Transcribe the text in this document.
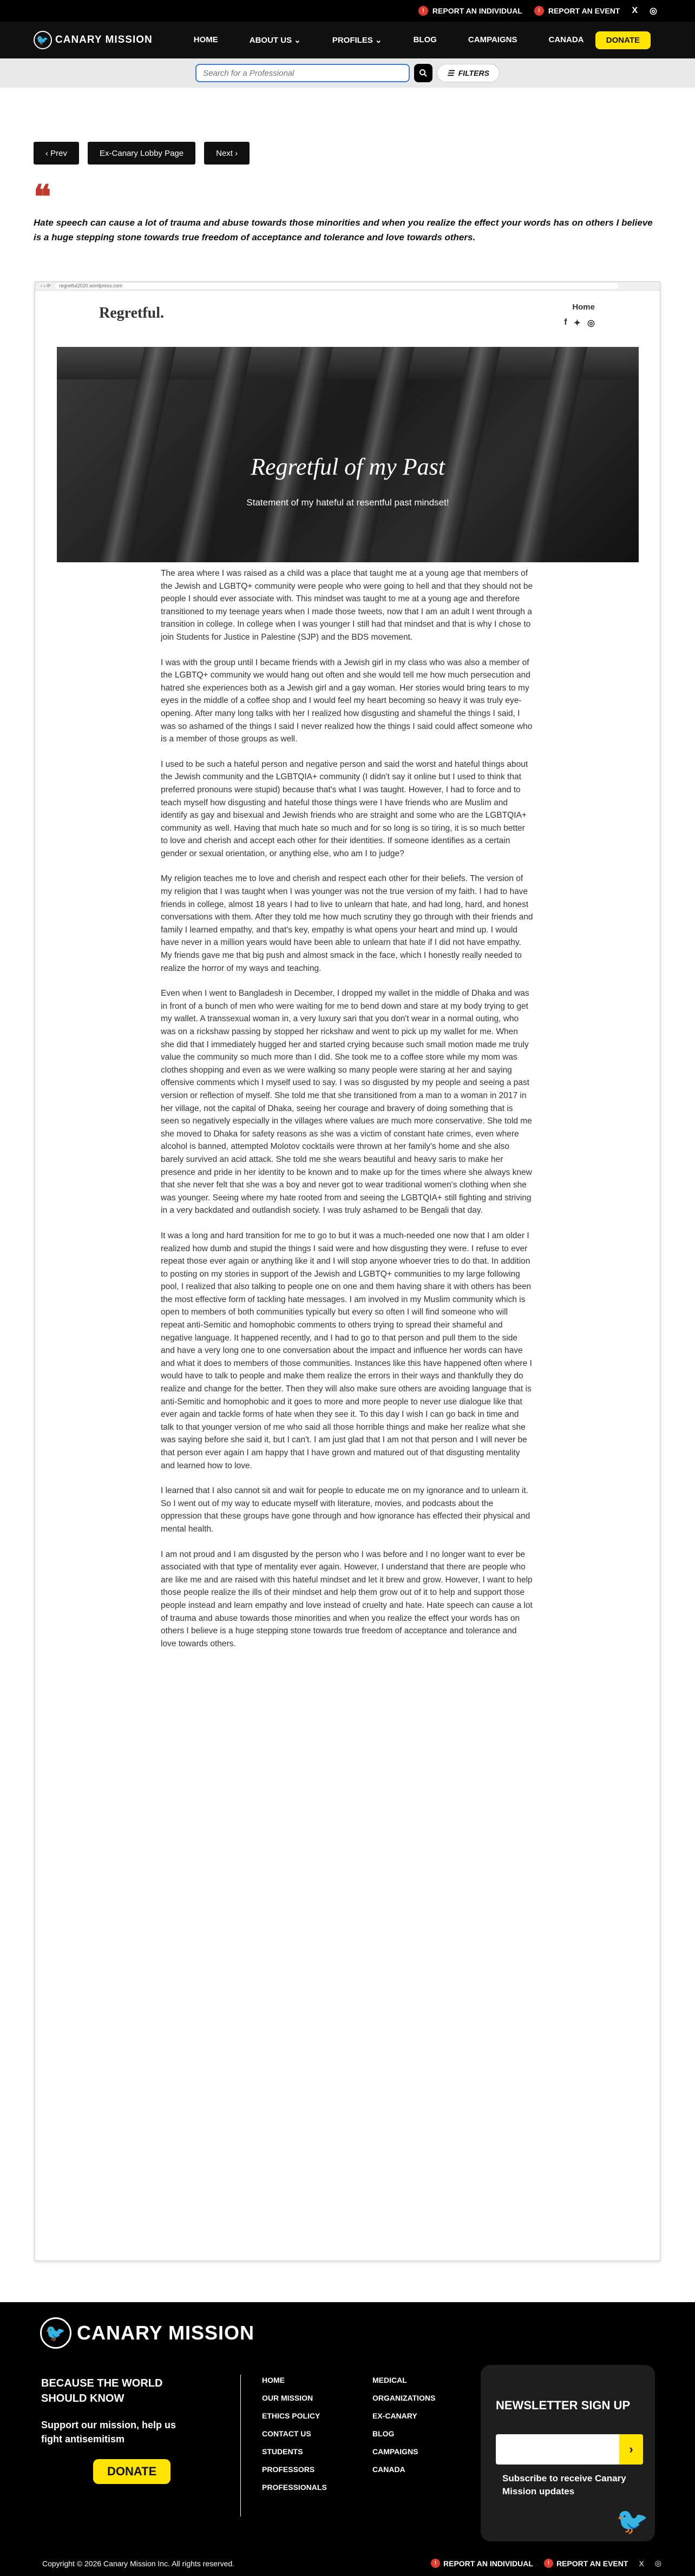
!	REPORT AN INDIVIDUAL	!	REPORT AN EVENT X ◎
🐦 CANARY MISSION	HOME	ABOUT US ⌄	PROFILES ⌄	BLOG	CAMPAIGNS	CANADA	DONATE
Search for a Professional
☰ FILTERS
‹ Prev	Ex-Canary Lobby Page	Next ›
❝
Hate speech can cause a lot of trauma and abuse towards those minorities and when you realize the effect your words has on others I believe is a huge stepping stone towards true freedom of acceptance and tolerance and love towards others.
‹ › ⟳	regretful2020.wordpress.com
Regretful.	Home
f ✦ ◎
Regretful of my Past

Statement of my hateful at resentful past mindset!

The area where I was raised as a child was a place that taught me at a young age that members of the Jewish and LGBTQ+ community were people who were going to hell and that they should not be people I should ever associate with. This mindset was taught to me at a young age and therefore transitioned to my teenage years when I made those tweets, now that I am an adult I went through a transition in college. In college when I was younger I still had that mindset and that is why I chose to join Students for Justice in Palestine (SJP) and the BDS movement.

I was with the group until I became friends with a Jewish girl in my class who was also a member of the LGBTQ+ community we would hang out often and she would tell me how much persecution and hatred she experiences both as a Jewish girl and a gay woman. Her stories would bring tears to my eyes in the middle of a coffee shop and I would feel my heart becoming so heavy it was truly eye-opening. After many long talks with her I realized how disgusting and shameful the things I said, I was so ashamed of the things I said I never realized how the things I said could affect someone who is a member of those groups as well.

I used to be such a hateful person and negative person and said the worst and hateful things about the Jewish community and the LGBTQIA+ community (I didn't say it online but I used to think that preferred pronouns were stupid) because that's what I was taught. However, I had to force and to teach myself how disgusting and hateful those things were I have friends who are Muslim and identify as gay and bisexual and Jewish friends who are straight and some who are the LGBTQIA+ community as well. Having that much hate so much and for so long is so tiring, it is so much better to love and cherish and accept each other for their identities. If someone identifies as a certain gender or sexual orientation, or anything else, who am I to judge?

My religion teaches me to love and cherish and respect each other for their beliefs. The version of my religion that I was taught when I was younger was not the true version of my faith. I had to have friends in college, almost 18 years I had to live to unlearn that hate, and had long, hard, and honest conversations with them. After they told me how much scrutiny they go through with their friends and family I learned empathy, and that's key, empathy is what opens your heart and mind up. I would have never in a million years would have been able to unlearn that hate if I did not have empathy. My friends gave me that big push and almost smack in the face, which I honestly really needed to realize the horror of my ways and teaching.

Even when I went to Bangladesh in December, I dropped my wallet in the middle of Dhaka and was in front of a bunch of men who were waiting for me to bend down and stare at my body trying to get my wallet. A transsexual woman in, a very luxury sari that you don't wear in a normal outing, who was on a rickshaw passing by stopped her rickshaw and went to pick up my wallet for me. When she did that I immediately hugged her and started crying because such small motion made me truly value the community so much more than I did. She took me to a coffee store while my mom was clothes shopping and even as we were walking so many people were staring at her and saying offensive comments which I myself used to say. I was so disgusted by my people and seeing a past version or reflection of myself. She told me that she transitioned from a man to a woman in 2017 in her village, not the capital of Dhaka, seeing her courage and bravery of doing something that is seen so negatively especially in the villages where values are much more conservative. She told me she moved to Dhaka for safety reasons as she was a victim of constant hate crimes, even where alcohol is banned, attempted Molotov cocktails were thrown at her family's home and she also barely survived an acid attack. She told me she wears beautiful and heavy saris to make her presence and pride in her identity to be known and to make up for the times where she always knew that she never felt that she was a boy and never got to wear traditional women's clothing when she was younger. Seeing where my hate rooted from and seeing the LGBTQIA+ still fighting and striving in a very backdated and outlandish society. I was truly ashamed to be Bengali that day.

It was a long and hard transition for me to go to but it was a much-needed one now that I am older I realized how dumb and stupid the things I said were and how disgusting they were. I refuse to ever repeat those ever again or anything like it and I will stop anyone whoever tries to do that. In addition to posting on my stories in support of the Jewish and LGBTQ+ communities to my large following pool, I realized that also talking to people one on one and them having share it with others has been the most effective form of tackling hate messages. I am involved in my Muslim community which is open to members of both communities typically but every so often I will find someone who will repeat anti-Semitic and homophobic comments to others trying to spread their shameful and negative language. It happened recently, and I had to go to that person and pull them to the side and have a very long one to one conversation about the impact and influence her words can have and what it does to members of those communities. Instances like this have happened often where I would have to talk to people and make them realize the errors in their ways and thankfully they do realize and change for the better. Then they will also make sure others are avoiding language that is anti-Semitic and homophobic and it goes to more and more people to never use dialogue like that ever again and tackle forms of hate when they see it. To this day I wish I can go back in time and talk to that younger version of me who said all those horrible things and make her realize what she was saying before she said it, but I can't. I am just glad that I am not that person and I will never be that person ever again I am happy that I have grown and matured out of that disgusting mentality and learned how to love.

I learned that I also cannot sit and wait for people to educate me on my ignorance and to unlearn it. So I went out of my way to educate myself with literature, movies, and podcasts about the oppression that these groups have gone through and how ignorance has effected their physical and mental health.

I am not proud and I am disgusted by the person who I was before and I no longer want to ever be associated with that type of mentality ever again. However, I understand that there are people who are like me and are raised with this hateful mindset and let it brew and grow. However, I want to help those people realize the ills of their mindset and help them grow out of it to help and support those people instead and learn empathy and love instead of cruelty and hate. Hate speech can cause a lot of trauma and abuse towards those minorities and when you realize the effect your words has on others I believe is a huge stepping stone towards true freedom of acceptance and tolerance and love towards others.

🐦 CANARY MISSION
BECAUSE THE WORLD SHOULD KNOW
Support our mission, help us fight antisemitism
DONATE
HOME
OUR MISSION
ETHICS POLICY
CONTACT US
STUDENTS
PROFESSORS
PROFESSIONALS
MEDICAL
ORGANIZATIONS
EX-CANARY
BLOG
CAMPAIGNS
CANADA
NEWSLETTER SIGN UP
›
Subscribe to receive Canary Mission updates
🐦
Copyright © 2026 Canary Mission Inc. All rights reserved.	! REPORT AN INDIVIDUAL	! REPORT AN EVENT X ◎
